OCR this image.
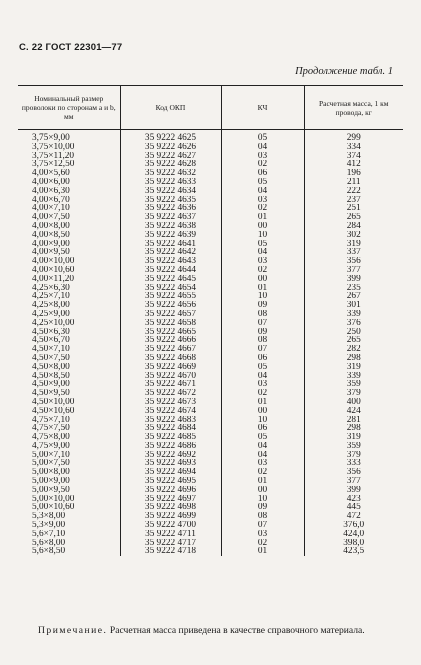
С. 22 ГОСТ 22301—77
Продолжение табл. 1
Номинальный размер проволоки по сторонам a и b, мм	Код ОКП	КЧ	Расчетная масса, 1 км провода, кг
3,75×9,00	35 9222 4625	05	299
3,75×10,00	35 9222 4626	04	334
3,75×11,20	35 9222 4627	03	374
3,75×12,50	35 9222 4628	02	412
4,00×5,60	35 9222 4632	06	196
4,00×6,00	35 9222 4633	05	211
4,00×6,30	35 9222 4634	04	222
4,00×6,70	35 9222 4635	03	237
4,00×7,10	35 9222 4636	02	251
4,00×7,50	35 9222 4637	01	265
4,00×8,00	35 9222 4638	00	284
4,00×8,50	35 9222 4639	10	302
4,00×9,00	35 9222 4641	05	319
4,00×9,50	35 9222 4642	04	337
4,00×10,00	35 9222 4643	03	356
4,00×10,60	35 9222 4644	02	377
4,00×11,20	35 9222 4645	00	399
4,25×6,30	35 9222 4654	01	235
4,25×7,10	35 9222 4655	10	267
4,25×8,00	35 9222 4656	09	301
4,25×9,00	35 9222 4657	08	339
4,25×10,00	35 9222 4658	07	376
4,50×6,30	35 9222 4665	09	250
4,50×6,70	35 9222 4666	08	265
4,50×7,10	35 9222 4667	07	282
4,50×7,50	35 9222 4668	06	298
4,50×8,00	35 9222 4669	05	319
4,50×8,50	35 9222 4670	04	339
4,50×9,00	35 9222 4671	03	359
4,50×9,50	35 9222 4672	02	379
4,50×10,00	35 9222 4673	01	400
4,50×10,60	35 9222 4674	00	424
4,75×7,10	35 9222 4683	10	281
4,75×7,50	35 9222 4684	06	298
4,75×8,00	35 9222 4685	05	319
4,75×9,00	35 9222 4686	04	359
5,00×7,10	35 9222 4692	04	379
5,00×7,50	35 9222 4693	03	333
5,00×8,00	35 9222 4694	02	356
5,00×9,00	35 9222 4695	01	377
5,00×9,50	35 9222 4696	00	399
5,00×10,00	35 9222 4697	10	423
5,00×10,60	35 9222 4698	09	445
5,3×8,00	35 9222 4699	08	472
5,3×9,00	35 9222 4700	07	376,0
5,6×7,10	35 9222 4711	03	424,0
5,6×8,00	35 9222 4717	02	398,0
5,6×8,50	35 9222 4718	01	423,5
Примечание. Расчетная масса приведена в качестве справочного материала.
